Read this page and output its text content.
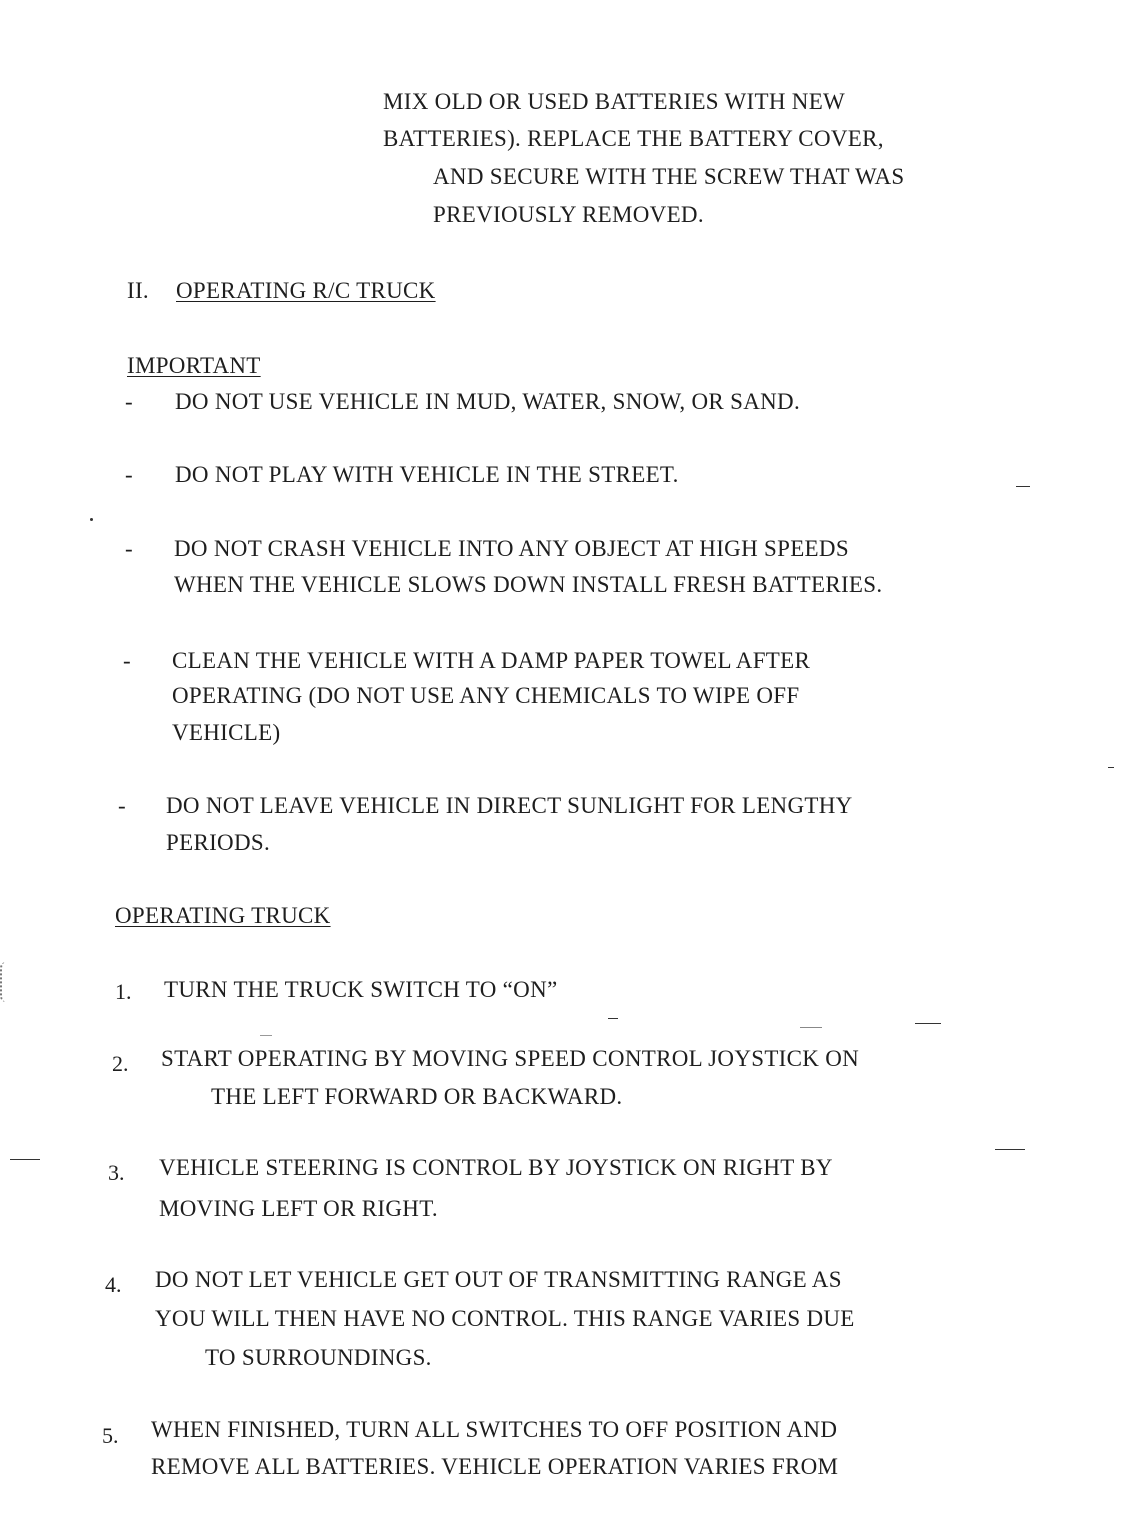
MIX OLD OR USED BATTERIES WITH NEW
BATTERIES). REPLACE THE BATTERY COVER,
AND SECURE WITH THE SCREW THAT WAS
PREVIOUSLY REMOVED.
II. OPERATING R/C TRUCK
IMPORTANT
- DO NOT USE VEHICLE IN MUD, WATER, SNOW, OR SAND.
- DO NOT PLAY WITH VEHICLE IN THE STREET.
- DO NOT CRASH VEHICLE INTO ANY OBJECT AT HIGH SPEEDS
WHEN THE VEHICLE SLOWS DOWN INSTALL FRESH BATTERIES.
- CLEAN THE VEHICLE WITH A DAMP PAPER TOWEL AFTER
OPERATING (DO NOT USE ANY CHEMICALS TO WIPE OFF
VEHICLE)
- DO NOT LEAVE VEHICLE IN DIRECT SUNLIGHT FOR LENGTHY
PERIODS.
OPERATING TRUCK
1. TURN THE TRUCK SWITCH TO “ON”
2. START OPERATING BY MOVING SPEED CONTROL JOYSTICK ON
THE LEFT FORWARD OR BACKWARD.
3. VEHICLE STEERING IS CONTROL BY JOYSTICK ON RIGHT BY
MOVING LEFT OR RIGHT.
4. DO NOT LET VEHICLE GET OUT OF TRANSMITTING RANGE AS
YOU WILL THEN HAVE NO CONTROL. THIS RANGE VARIES DUE
TO SURROUNDINGS.
5. WHEN FINISHED, TURN ALL SWITCHES TO OFF POSITION AND
REMOVE ALL BATTERIES. VEHICLE OPERATION VARIES FROM
